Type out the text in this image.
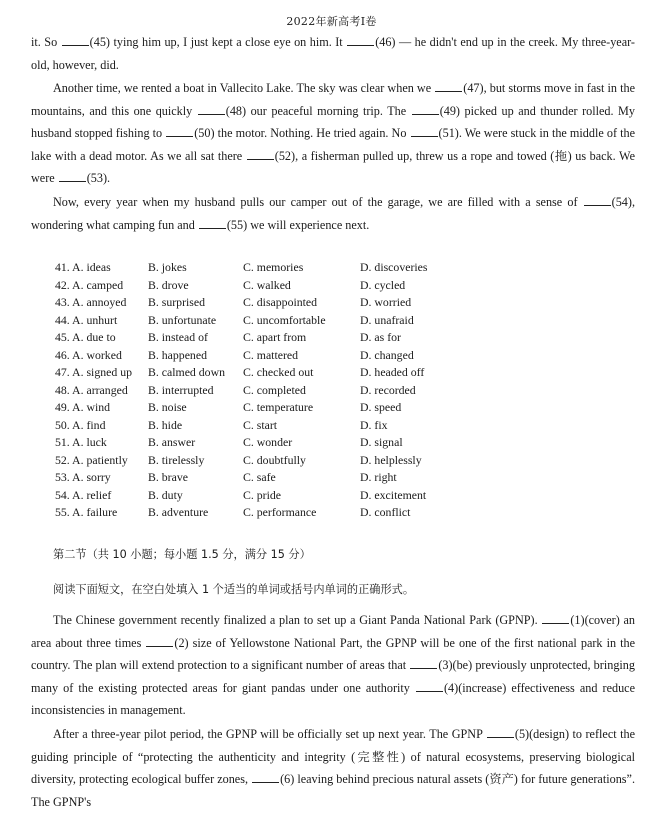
2022年新高考Ⅰ卷

it. So (45) tying him up, I just kept a close eye on him. It (46) — he didn't end up in the creek. My three-year-old, however, did.

Another time, we rented a boat in Vallecito Lake. The sky was clear when we (47), but storms move in fast in the mountains, and this one quickly (48) our peaceful morning trip. The (49) picked up and thunder rolled. My husband stopped fishing to (50) the motor. Nothing. He tried again. No (51). We were stuck in the middle of the lake with a dead motor. As we all sat there (52), a fisherman pulled up, threw us a rope and towed (拖) us back. We were (53).

Now, every year when my husband pulls our camper out of the garage, we are filled with a sense of (54), wondering what camping fun and (55) we will experience next.

41. A. ideas	B. jokes	C. memories	D. discoveries
42. A. camped B. drove	C. walked	D. cycled
43. A. annoyed B. surprised	C. disappointed	D. worried
44. A. unhurt	B. unfortunate C. uncomfortable	D. unafraid
45. A. due to	B. instead of	C. apart from	D. as for
46. A. worked B. happened	C. mattered	D. changed
47. A. signed up B. calmed down C. checked out	D. headed off
48. A. arranged B. interrupted C. completed	D. recorded
49. A. wind	B. noise	C. temperature	D. speed
50. A. find	B. hide	C. start	D. fix
51. A. luck	B. answer	C. wonder	D. signal
52. A. patiently B. tirelessly	C. doubtfully	D. helplessly
53. A. sorry	B. brave	C. safe	D. right
54. A. relief	B. duty	C. pride	D. excitement
55. A. failure	B. adventure	C. performance	D. conflict
第二节（共 10 小题；每小题 1.5 分，满分 15 分）
阅读下面短文，在空白处填入 1 个适当的单词或括号内单词的正确形式。

The Chinese government recently finalized a plan to set up a Giant Panda National Park (GPNP). (1)(cover) an area about three times (2) size of Yellowstone National Part, the GPNP will be one of the first national park in the country. The plan will extend protection to a significant number of areas that (3)(be) previously unprotected, bringing many of the existing protected areas for giant pandas under one authority (4)(increase) effectiveness and reduce inconsistencies in management.

After a three-year pilot period, the GPNP will be officially set up next year. The GPNP (5)(design) to reflect the guiding principle of “protecting the authenticity and integrity (完整性) of natural ecosystems, preserving biological diversity, protecting ecological buffer zones, (6) leaving behind precious natural assets (资产) for future generations”. The GPNP's
